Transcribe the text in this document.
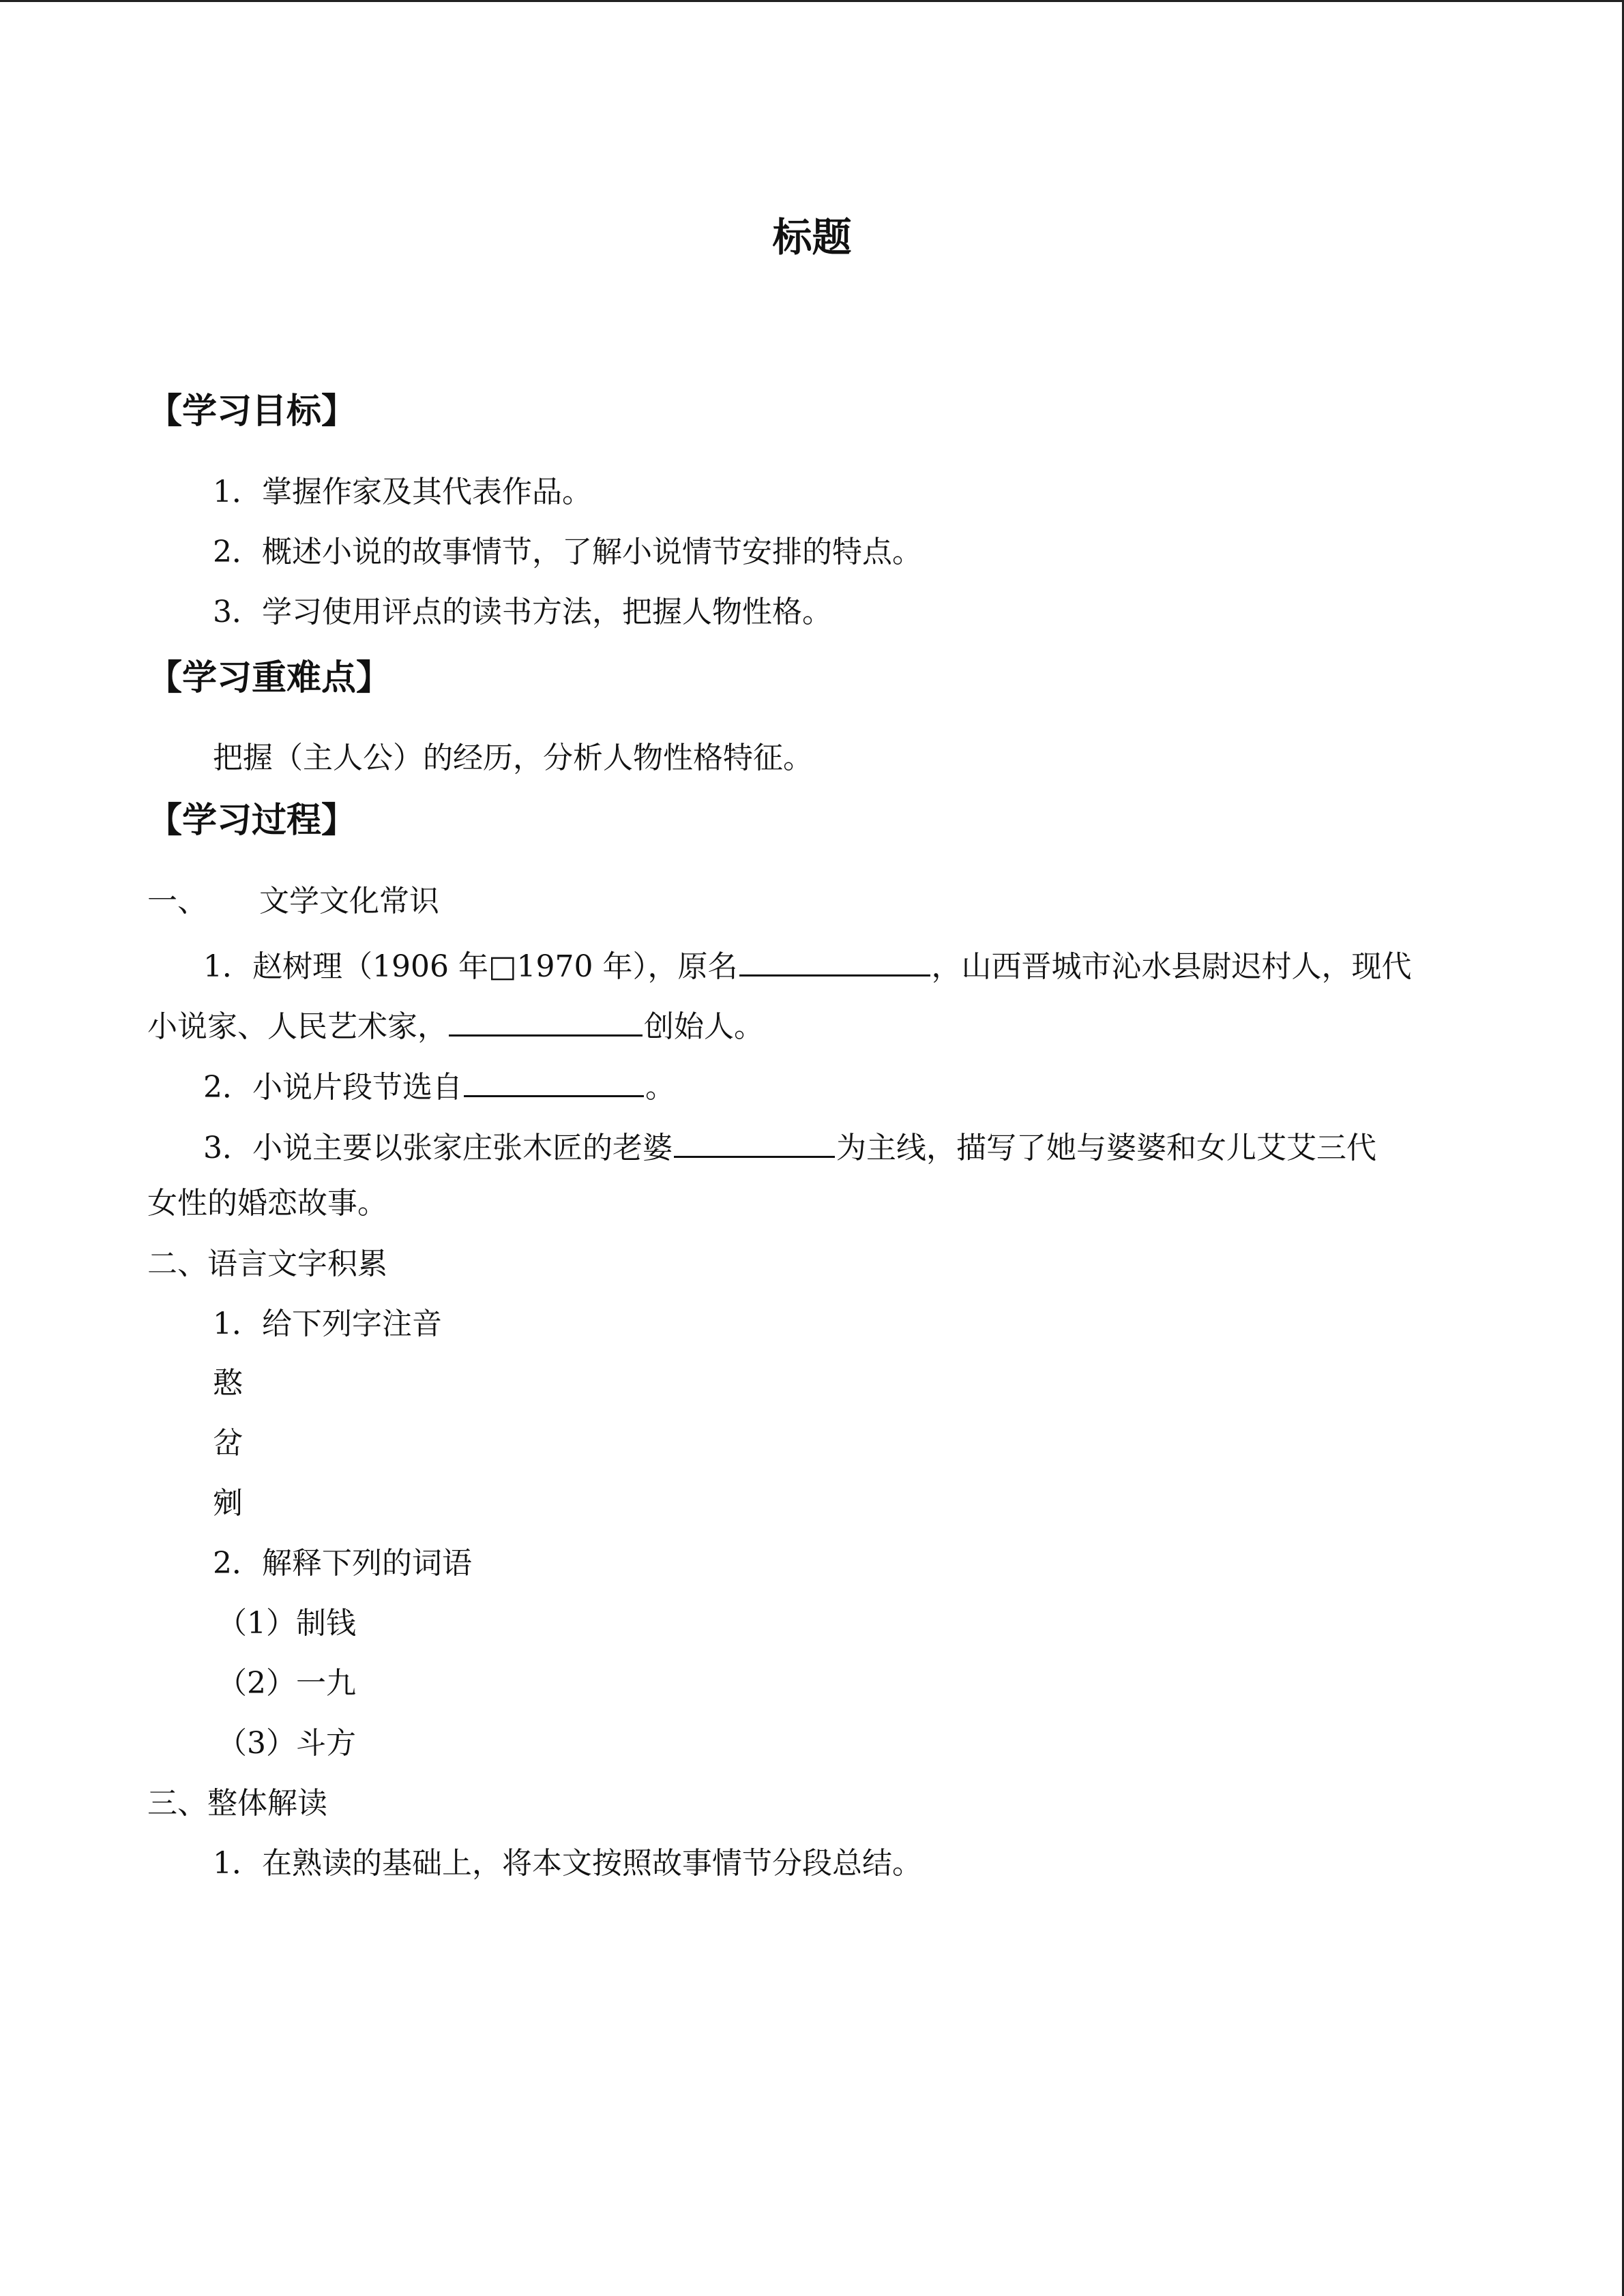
标题
【学习目标】
1．掌握作家及其代表作品。
2．概述小说的故事情节，了解小说情节安排的特点。
3．学习使用评点的读书方法，把握人物性格。
【学习重难点】
把握（主人公）的经历，分析人物性格特征。
【学习过程】
一、 文学文化常识
1．赵树理（1906 年□1970 年），原名	，山西晋城市沁水县尉迟村人，现代
小说家、人民艺术家，	创始人。
2．小说片段节选自	。
3．小说主要以张家庄张木匠的老婆	为主线，描写了她与婆婆和女儿艾艾三代
女性的婚恋故事。
二、语言文字积累
1．给下列字注音
憨
岔
剜
2．解释下列的词语
（1）制钱
（2）一九
（3）斗方
三、整体解读
1．在熟读的基础上，将本文按照故事情节分段总结。
